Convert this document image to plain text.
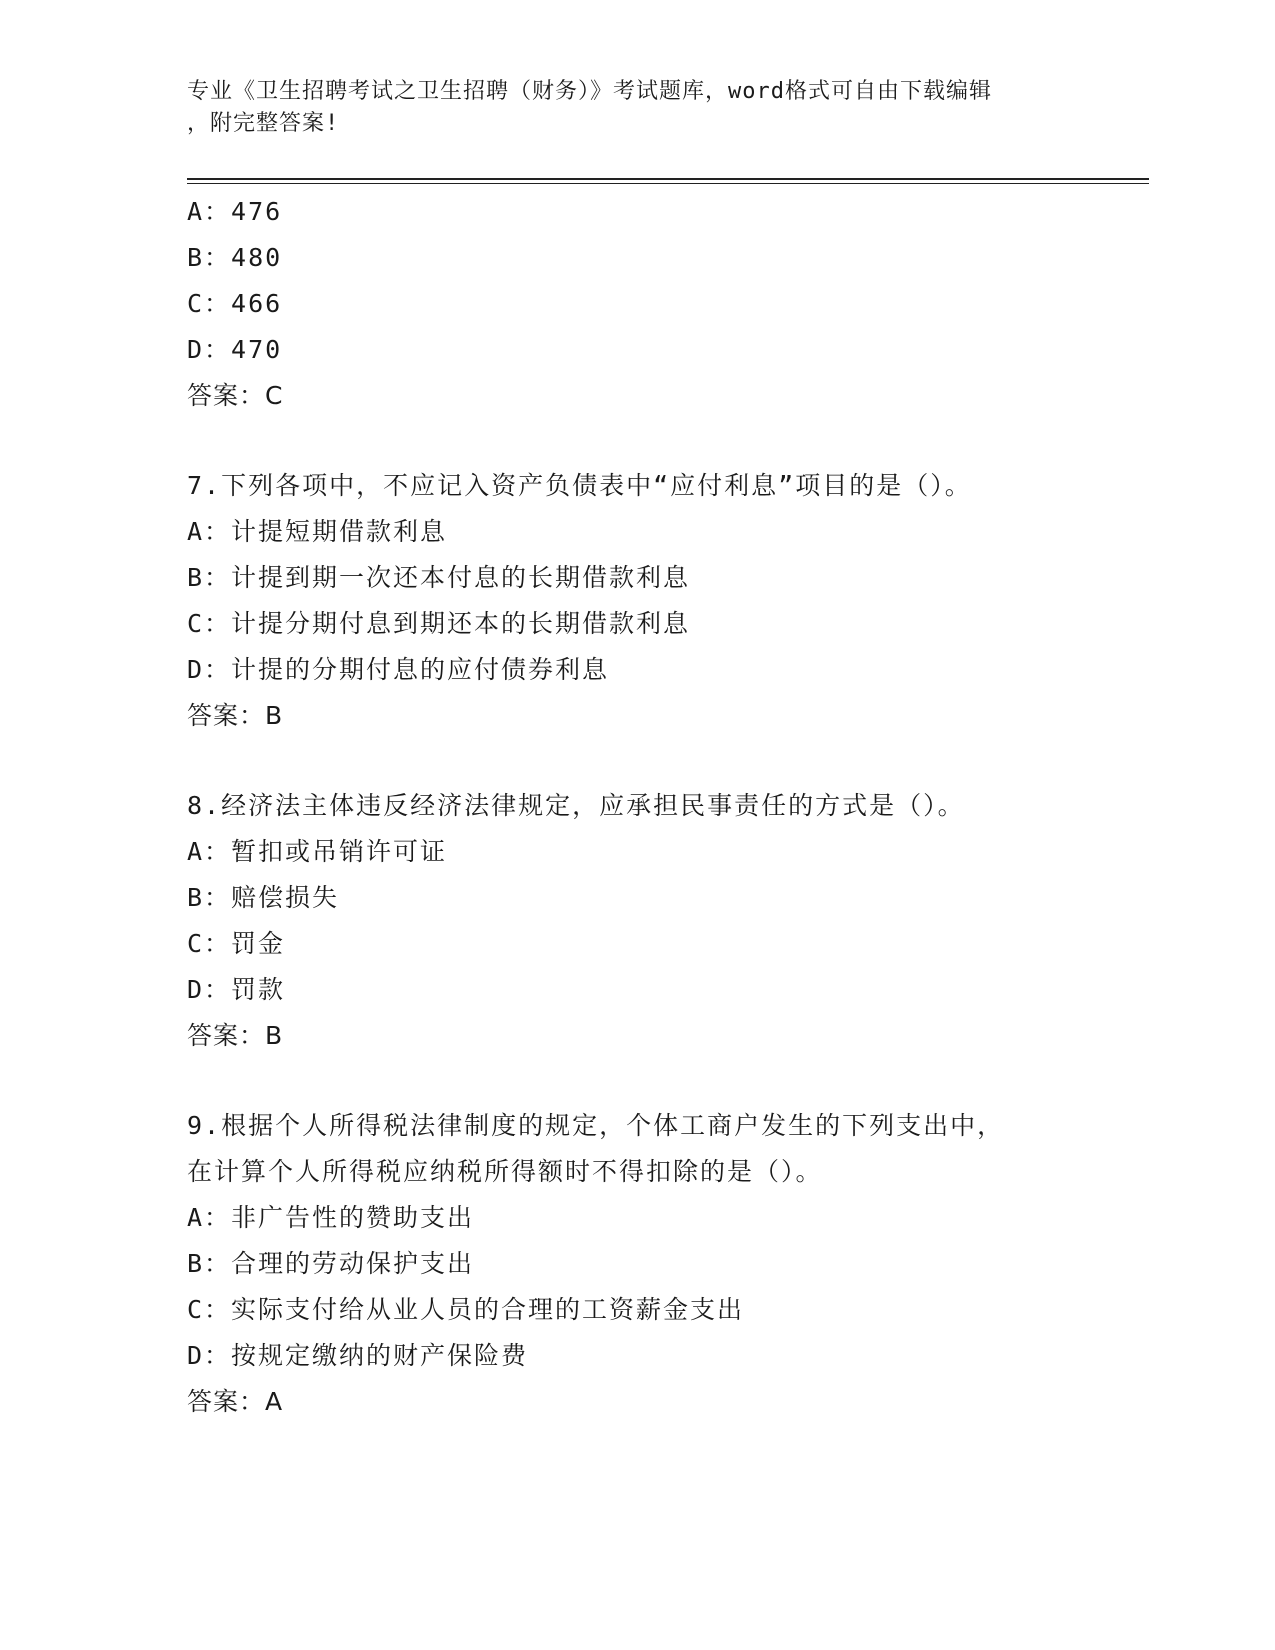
专业《卫生招聘考试之卫生招聘（财务）》考试题库，word格式可自由下载编辑
，附完整答案!
A：476
B：480
C：466
D：470
答案：C
7.下列各项中，不应记入资产负债表中“应付利息”项目的是（）。
A：计提短期借款利息
B：计提到期一次还本付息的长期借款利息
C：计提分期付息到期还本的长期借款利息
D：计提的分期付息的应付债券利息
答案：B
8.经济法主体违反经济法律规定，应承担民事责任的方式是（）。
A：暂扣或吊销许可证
B：赔偿损失
C：罚金
D：罚款
答案：B
9.根据个人所得税法律制度的规定，个体工商户发生的下列支出中，
在计算个人所得税应纳税所得额时不得扣除的是（）。
A：非广告性的赞助支出
B：合理的劳动保护支出
C：实际支付给从业人员的合理的工资薪金支出
D：按规定缴纳的财产保险费
答案：A
